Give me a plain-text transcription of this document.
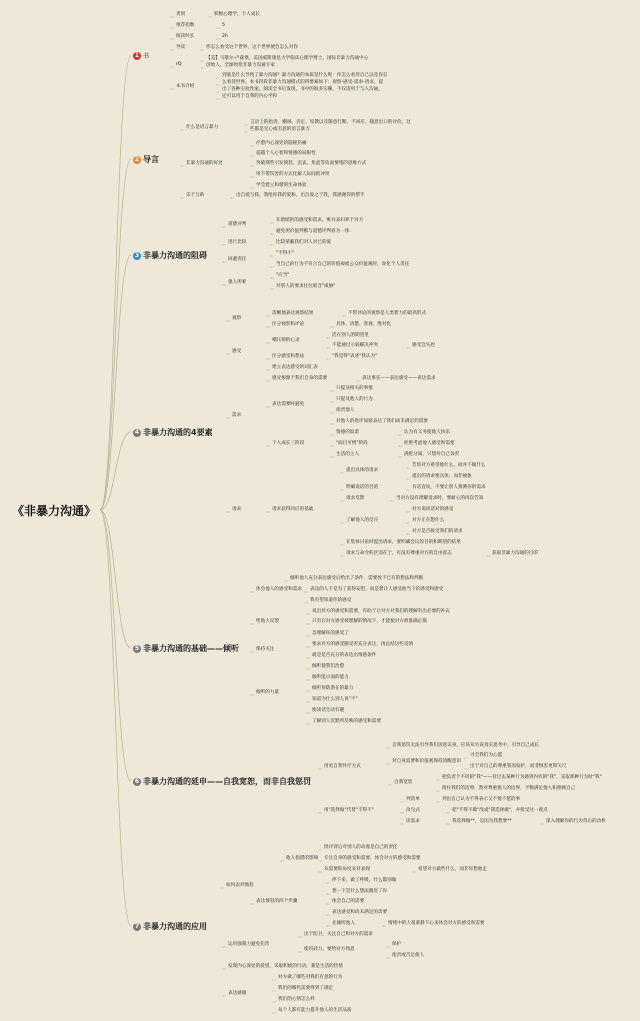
《非暴力沟通》
1 书
2 导言
3 非暴力沟通的阻碍
4 非暴力沟通的4要素
5 非暴力沟通的基础——倾听
6 非暴力沟通的延申——自我宽恕，而非自我惩罚
7 非暴力沟通的应用
类别	积极心理学、个人成长
推荐指数	5
阅读时长	2h
导读	你怎么看受这个世界，这个世界便会怎么对你
rQ
【美】马歇尔·卢森堡，美国威斯康星大学临床心理学博士，国际非暴力沟通中心
创始人，全球致伦非暴力沟通专家
本书介绍
到底是什么导致了暴力沟通？暴力沟通的本质是什么呢：你怎么看待自己以及你怎
么看待世界，本书四段非暴力沟通模式的四要素如下：观察-感受-需求-请求，提
出了各种实验性案，阅读全书后发现，书中的很多实操，不仅适用于与人沟通，
还可以用于自我的内心平和
什么是语言暴力
言语上的指责、嘲讽、否定、说教以及随意打断、不回应、随意出口的评价，这
些都是无心或有意的语言暴力
疗愈内心深处的隐秘伤痛
超越个人心智和情感的局限性
非暴力沟通的好处	突破那些引发愤怒、沮丧、焦虑等负面情绪的思维方式
用不带伤害的方式化解人际间的冲突
学会建立和谐的生命体验
乐于互助	出自爱与我，我给你我的爱和，出自爱之于我，我感谢你的帮手
道德评判
在暗暗的的感受和需求，赃并表归罪于对方
避免用价值判断与道德评判看为一体
进行比较	比较蒙蔽我们对人对已的爱
回避责任
"不得不"
当自己的行为不符合自己的价值观或公众价值观时，说化个人责任
强人所难
"应当"
对别人的要求往往暗含"威胁"
观察
清晰地表达观察结果	不带评论的观察是人类智力的最高形式
区分观察和评论	具体、清楚、客观、绝对化
活在别人的期望里
嘲压抑的心灵
不能通过示弱解决冲突	感受会失控
感受
区分感受和想法	"我觉得"表述"我认为"
建立表达感受的词汇表
感受根源于我们自身的需要	表达事实——表达感受——表达需求
只提及相关的事情
只提及他人的行为
表达需要时避免
指责他人
对他人的批评间接表达了我们尚未满足的需要
需求
情感的奴隶	认为有义务使他人快乐
个人成长三阶段	"面目可憎"阶段	拒绝考虑他人感受和需要
生活的主人	满腔分离，只想对自己负责
告诉对方希望他什么，而并不做什么
提出具体的请求
提出的请求要具体，而非抽象
明确说话的目的	有话直说，不要让别人猜测你的需求
请求反馈	当对方没有理解请求时，要耐心的再次告知
对方说同话对的感受
请求	请求获得回应的基础
了解他人的反应	对方正在想什么
对方是否接受我们的请求
在集体讨论时提出请求，要明确会议的目的和期望的结果
请求与命令的区别在于，有没有尊重对方的自由意志	获取非暴力沟通的目的
倾听他人充分表达感受后给出了条件，需要放下已有的想法和判断
体会他人的感受和需求 表达的人不是为了获得安慰，而是想让人感受他当下的感受和感受
我有望知道你的感受
说出对方的感受和需要，有助于让对方对我们的理解有出必要的补充
给他人反馈	只有在对方感受被理解的情况下，才能使对方被准确定描
急理解你的感受了
要求对方的感受随受责充分表达，再总结这些受情
保持关注
就是是否充分的表达出情感条件
倾听使我们治愈
倾听能示弱的能力
倾听的力量
倾听预防潜在的暴力
知道为什么别人说"不"
使谈话生动有趣
了解别人沉默所反映的感受和需要
自我惩罚无法引导我们因意识身，应该从失误真实思考中，引导自己成长
寻全我们为心愿
用更自我怀疗方式
对自身需要和价值观保持清醒意识
出于对自己的尊重我而发护，而非惧害更和欠尺
把负责个不同的"我"——对过去某种行为感到内疚的"我"，采取那种行为时"我"
自我宽恕
接住我们的边界，然对尊重他人的边界，平衡满足他人和照顾自己
列清单	列出自己认为不得表示又不情不愿的事
用"选择做"代替"不得不"	改句式	把"不得不做"改成"我选择做"，并接受这一观点
读需求	我选择做**，是因为我想要**	深入理解你的行为背后的动机
批评背后对别人的动漫是自己的责任
他人指错的影响 专注自身的感受和需要，体会对方的感受和需要
从需要的角度来对表现	希望对方做些什么，而非你想他走
停下来，做了呼吸，什么都别做
如何表对愤怒
想一下是什么想法激怒了你
表达愤怒的四个步骤	体会自己的需要
表达感受和尚未满足的需要
先倾听他人	情绪中的人很难静下心来体会对方的感受和需要
出于防卫，关注自己和对方的需求
运用强制力避免伤害	保护
使用武力，要给对方熟意
指责或否定他人
发现内心深处的爱望，采取积极的行动，兼是生活的热情
对方做了哪些对我们有意的行为
表达感谢
我们的哪些需要得到了满足
我们的心情怎么样
每个人都有能力提升他人的生活品质
